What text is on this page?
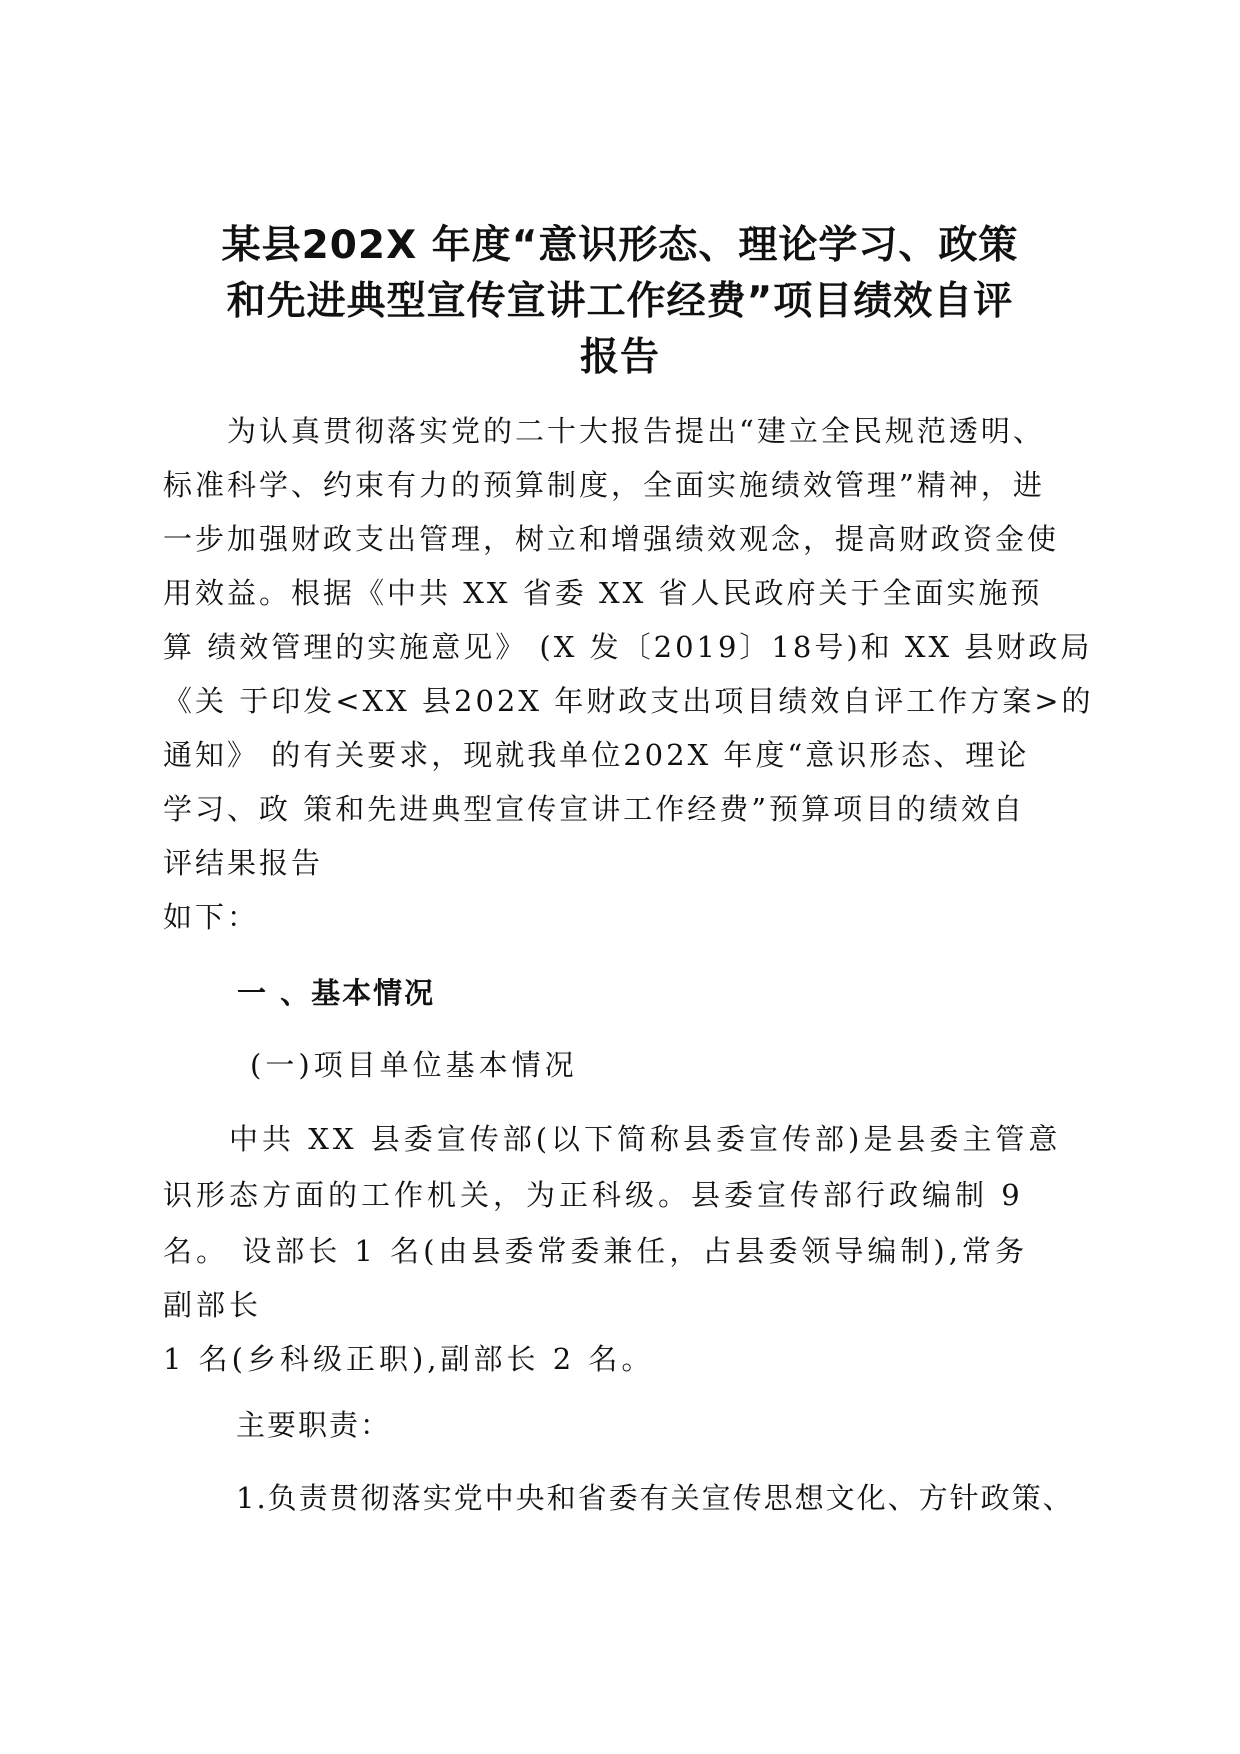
某县202X 年度“意识形态、理论学习、政策
和先进典型宣传宣讲工作经费”项目绩效自评
报告
　　为认真贯彻落实党的二十大报告提出“建立全民规范透明、
标准科学、约束有力的预算制度，全面实施绩效管理”精神，进
一步加强财政支出管理，树立和增强绩效观念，提高财政资金使
用效益。根据《中共 XX 省委 XX 省人民政府关于全面实施预
算 绩效管理的实施意见》 (X 发〔2019〕18号)和 XX 县财政局
《关 于印发<XX 县202X 年财政支出项目绩效自评工作方案>的
通知》 的有关要求，现就我单位202X 年度“意识形态、理论
学习、政 策和先进典型宣传宣讲工作经费”预算项目的绩效自
评结果报告
如下：
一 、基本情况
(一)项目单位基本情况
　　中共 XX 县委宣传部(以下简称县委宣传部)是县委主管意
识形态方面的工作机关，为正科级。县委宣传部行政编制 9
名。 设部长 1 名(由县委常委兼任，占县委领导编制),常务
副部长
1 名(乡科级正职),副部长 2 名。
主要职责：
1.负责贯彻落实党中央和省委有关宣传思想文化、方针政策、
